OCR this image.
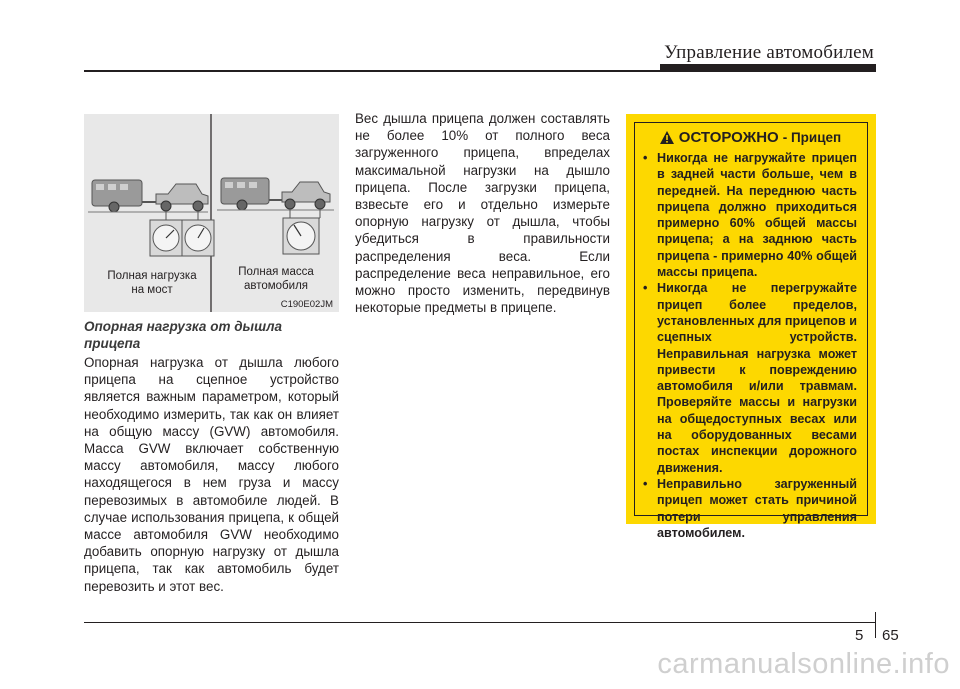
Управление автомобилем
Полная нагрузка
на мост
Полная масса
автомобиля
C190E02JM
Опорная нагрузка от дышла прицепа

Опорная нагрузка от дышла любого прицепа на сцепное устройство является важным параметром, который необходимо измерить, так как он влияет на общую массу (GVW) автомобиля. Масса GVW включает собственную массу автомобиля, массу любого находящегося в нем груза и массу перевозимых в автомобиле людей. В случае использования прицепа, к общей массе автомобиля GVW необходимо добавить опорную нагрузку от дышла прицепа, так как автомобиль будет перевозить и этот вес.

Вес дышла прицепа должен составлять не более 10% от полного веса загруженного прицепа, впределах максимальной нагрузки на дышло прицепа. После загрузки прицепа, взвесьте его и отдельно измерьте опорную нагрузку от дышла, чтобы убедиться в правильности распределения веса. Если распределение веса неправильное, его можно просто изменить, передвинув некоторые предметы в прицепе.

ОСТОРОЖНО - Прицеп
• Никогда не нагружайте прицеп в задней части больше, чем в передней. На переднюю часть прицепа должно приходиться примерно 60% общей массы прицепа; а на заднюю часть прицепа - примерно 40% общей массы прицепа.
• Никогда не перегружайте прицеп более пределов, установленных для прицепов и сцепных устройств. Неправильная нагрузка может привести к повреждению автомобиля и/или травмам. Проверяйте массы и нагрузки на общедоступных весах или на оборудованных весами постах инспекции дорожного движения.
• Неправильно загруженный прицеп может стать причиной потери управления автомобилем.
5 65
carmanualsonline.info
